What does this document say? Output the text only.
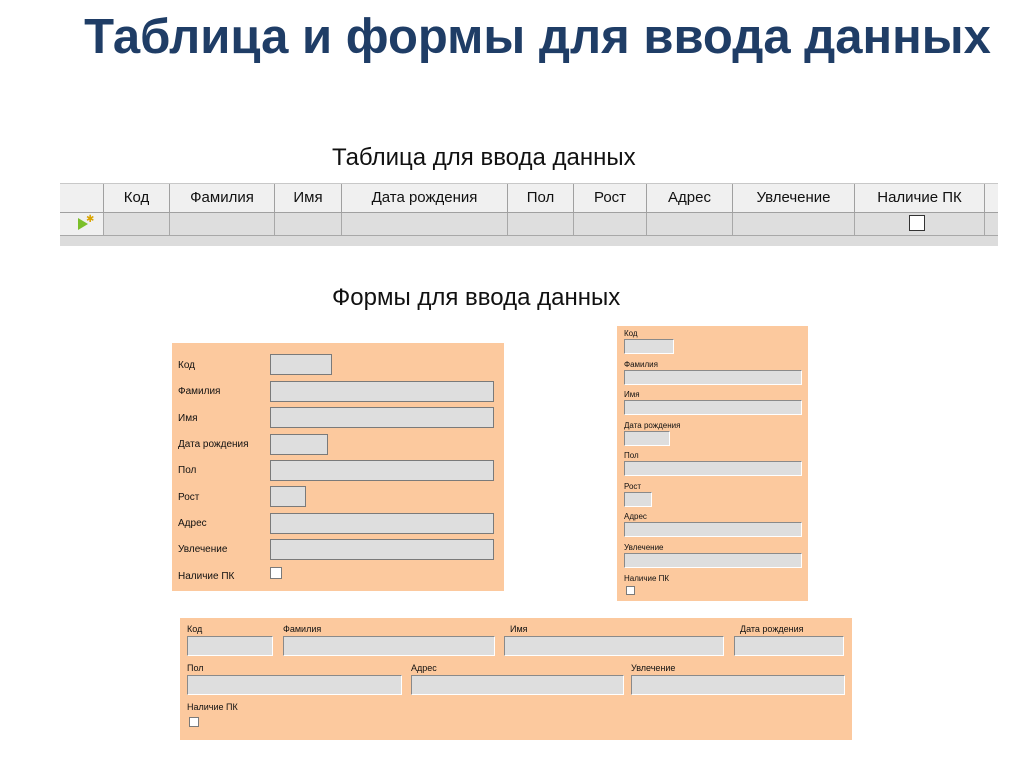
Таблица и формы для ввода данных
Таблица для ввода данных
Код	Фамилия	Имя	Дата рождения	Пол	Рост	Адрес	Увлечение	Наличие ПК
✱
Формы для ввода данных
Код
Фамилия
Имя
Дата рождения
Пол
Рост
Адрес
Увлечение
Наличие ПК
Код
Фамилия
Имя
Дата рождения
Пол
Рост
Адрес
Увлечение
Наличие ПК
Код	Фамилия	Имя	Дата рождения
Пол	Адрес	Увлечение
Наличие ПК
